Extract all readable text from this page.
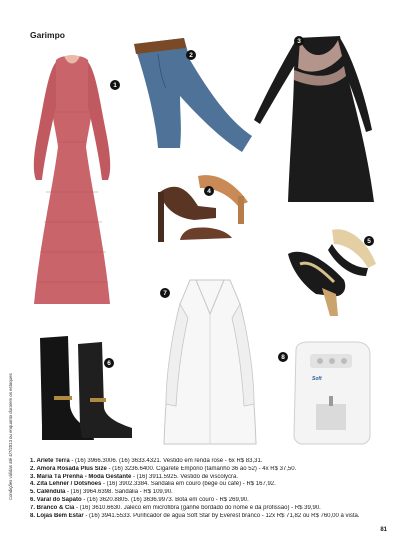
Garimpo
1
2
3
4
5
6
7
Soft
8
Condições válidas até 4/7/2013 ou enquanto durarem os estoques	1. Arlete Terra - (16) 3966.3006. (16) 3633.4321. Vestido em renda rosé - 6x R$ 83,31.
2. Amora Rosada Plus Size - (16) 3236.6400. Cigarete Empório (tamanho 36 ao 52) - 4x R$ 37,50.
3. Maria Tá Prenha - Moda Gestante - (16) 3911.5925. Vestido de viscolycra.
4. Zita Lehner / Dotshoes - (16) 3902.3384. Sandália em couro (bege ou café) - R$ 167,92.
5. Calêndula - (16) 3964.6398. Sandália - R$ 109,90.
6. Varal do Sapato - (16) 3620.8805. (16) 3636.9973. Bota em couro - R$ 269,90.
7. Branco & Cia - (16) 3610.6630. Jaleco em microfibra (ganhe bordado do nome e da profissão) - R$ 39,90.
8. Lojas Bem Estar - (16) 3941.5533. Purificador de água Soft Star by Everest branco - 12x R$ 71,82 ou R$ 760,00 à vista.
81
